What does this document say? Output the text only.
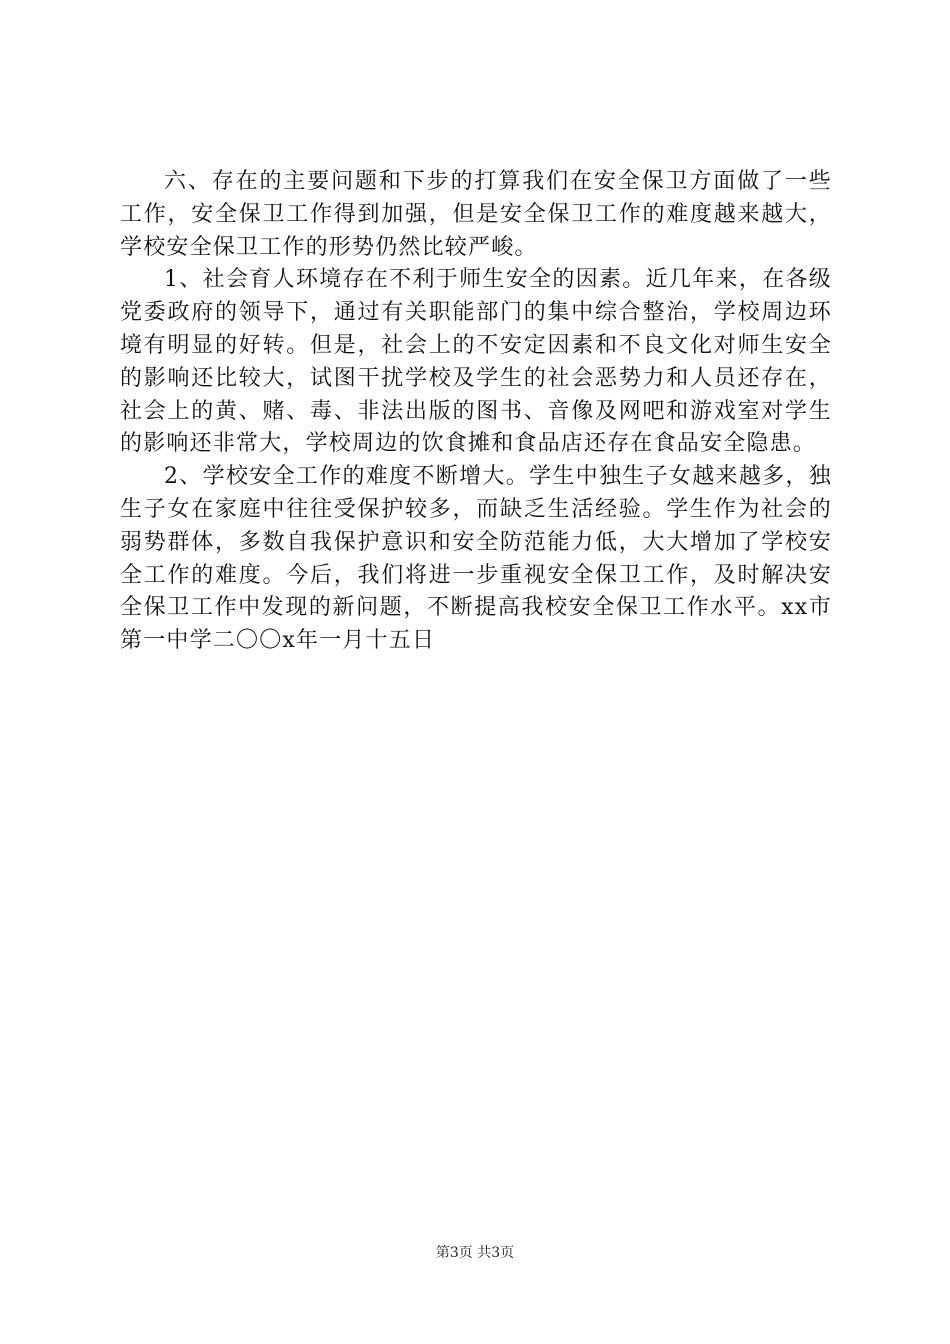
六、存在的主要问题和下步的打算我们在安全保卫方面做了一些工作，安全保卫工作得到加强，但是安全保卫工作的难度越来越大，学校安全保卫工作的形势仍然比较严峻。

1、社会育人环境存在不利于师生安全的因素。近几年来，在各级党委政府的领导下，通过有关职能部门的集中综合整治，学校周边环境有明显的好转。但是，社会上的不安定因素和不良文化对师生安全的影响还比较大，试图干扰学校及学生的社会恶势力和人员还存在，社会上的黄、赌、毒、非法出版的图书、音像及网吧和游戏室对学生的影响还非常大，学校周边的饮食摊和食品店还存在食品安全隐患。

2、学校安全工作的难度不断增大。学生中独生子女越来越多，独生子女在家庭中往往受保护较多，而缺乏生活经验。学生作为社会的弱势群体，多数自我保护意识和安全防范能力低，大大增加了学校安全工作的难度。今后，我们将进一步重视安全保卫工作，及时解决安全保卫工作中发现的新问题，不断提高我校安全保卫工作水平。xx市第一中学二〇〇x年一月十五日

第3页 共3页
